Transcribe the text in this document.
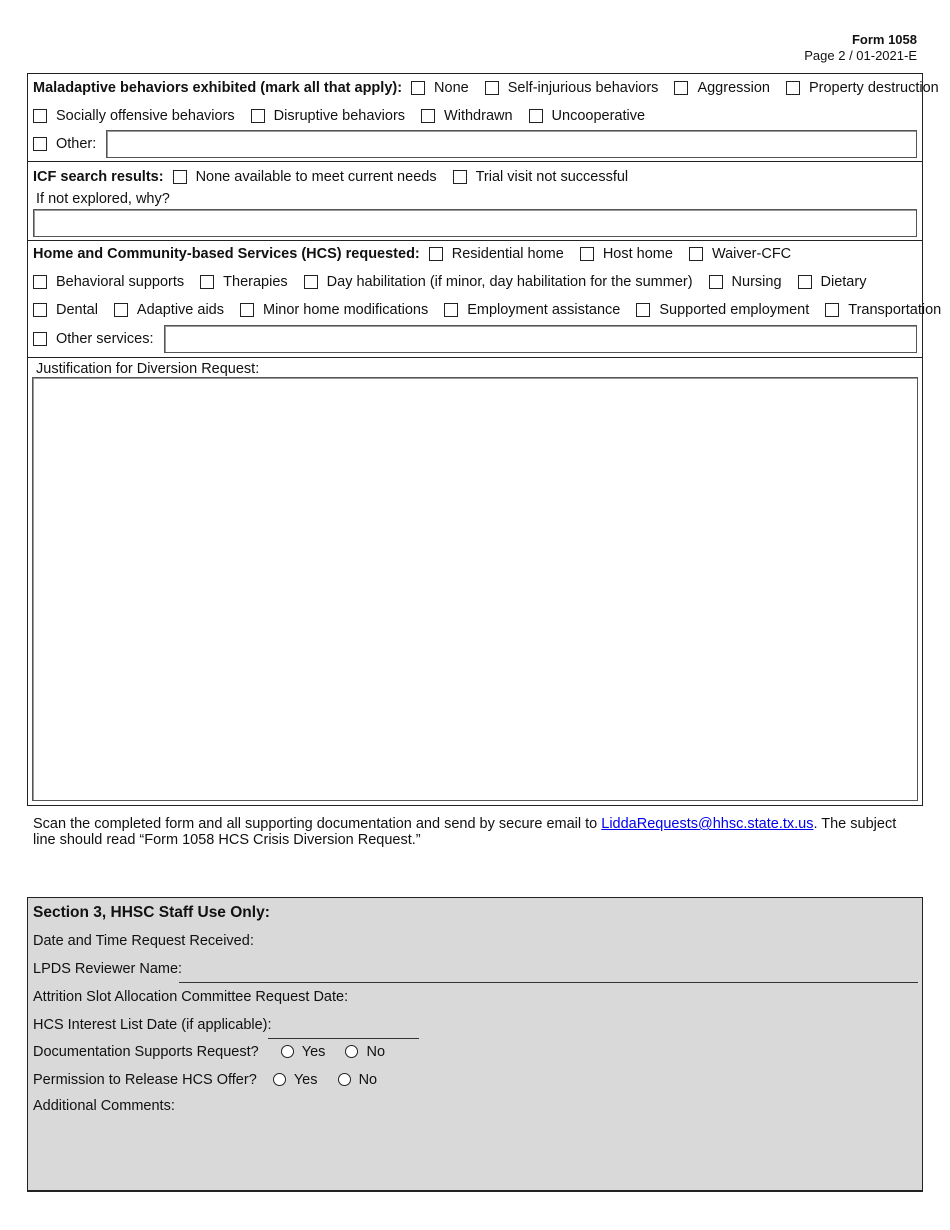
Form 1058
Page 2 / 01-2021-E
Maladaptive behaviors exhibited (mark all that apply): None	Self-injurious behaviors	Aggression	Property destruction
Socially offensive behaviors	Disruptive behaviors	Withdrawn	Uncooperative
Other:
ICF search results: None available to meet current needs	Trial visit not successful
If not explored, why?
Home and Community-based Services (HCS) requested: Residential home	Host home	Waiver-CFC
Behavioral supports	Therapies	Day habilitation (if minor, day habilitation for the summer)	Nursing	Dietary
Dental	Adaptive aids	Minor home modifications	Employment assistance	Supported employment	Transportation
Other services:
Justification for Diversion Request:
Scan the completed form and all supporting documentation and send by secure email to LiddaRequests@hhsc.state.tx.us. The subject line should read “Form 1058 HCS Crisis Diversion Request.”
Section 3, HHSC Staff Use Only:
Date and Time Request Received:
LPDS Reviewer Name:
Attrition Slot Allocation Committee Request Date:
HCS Interest List Date (if applicable):
Documentation Supports Request?	Yes	No
Permission to Release HCS Offer?	Yes	No
Additional Comments:
